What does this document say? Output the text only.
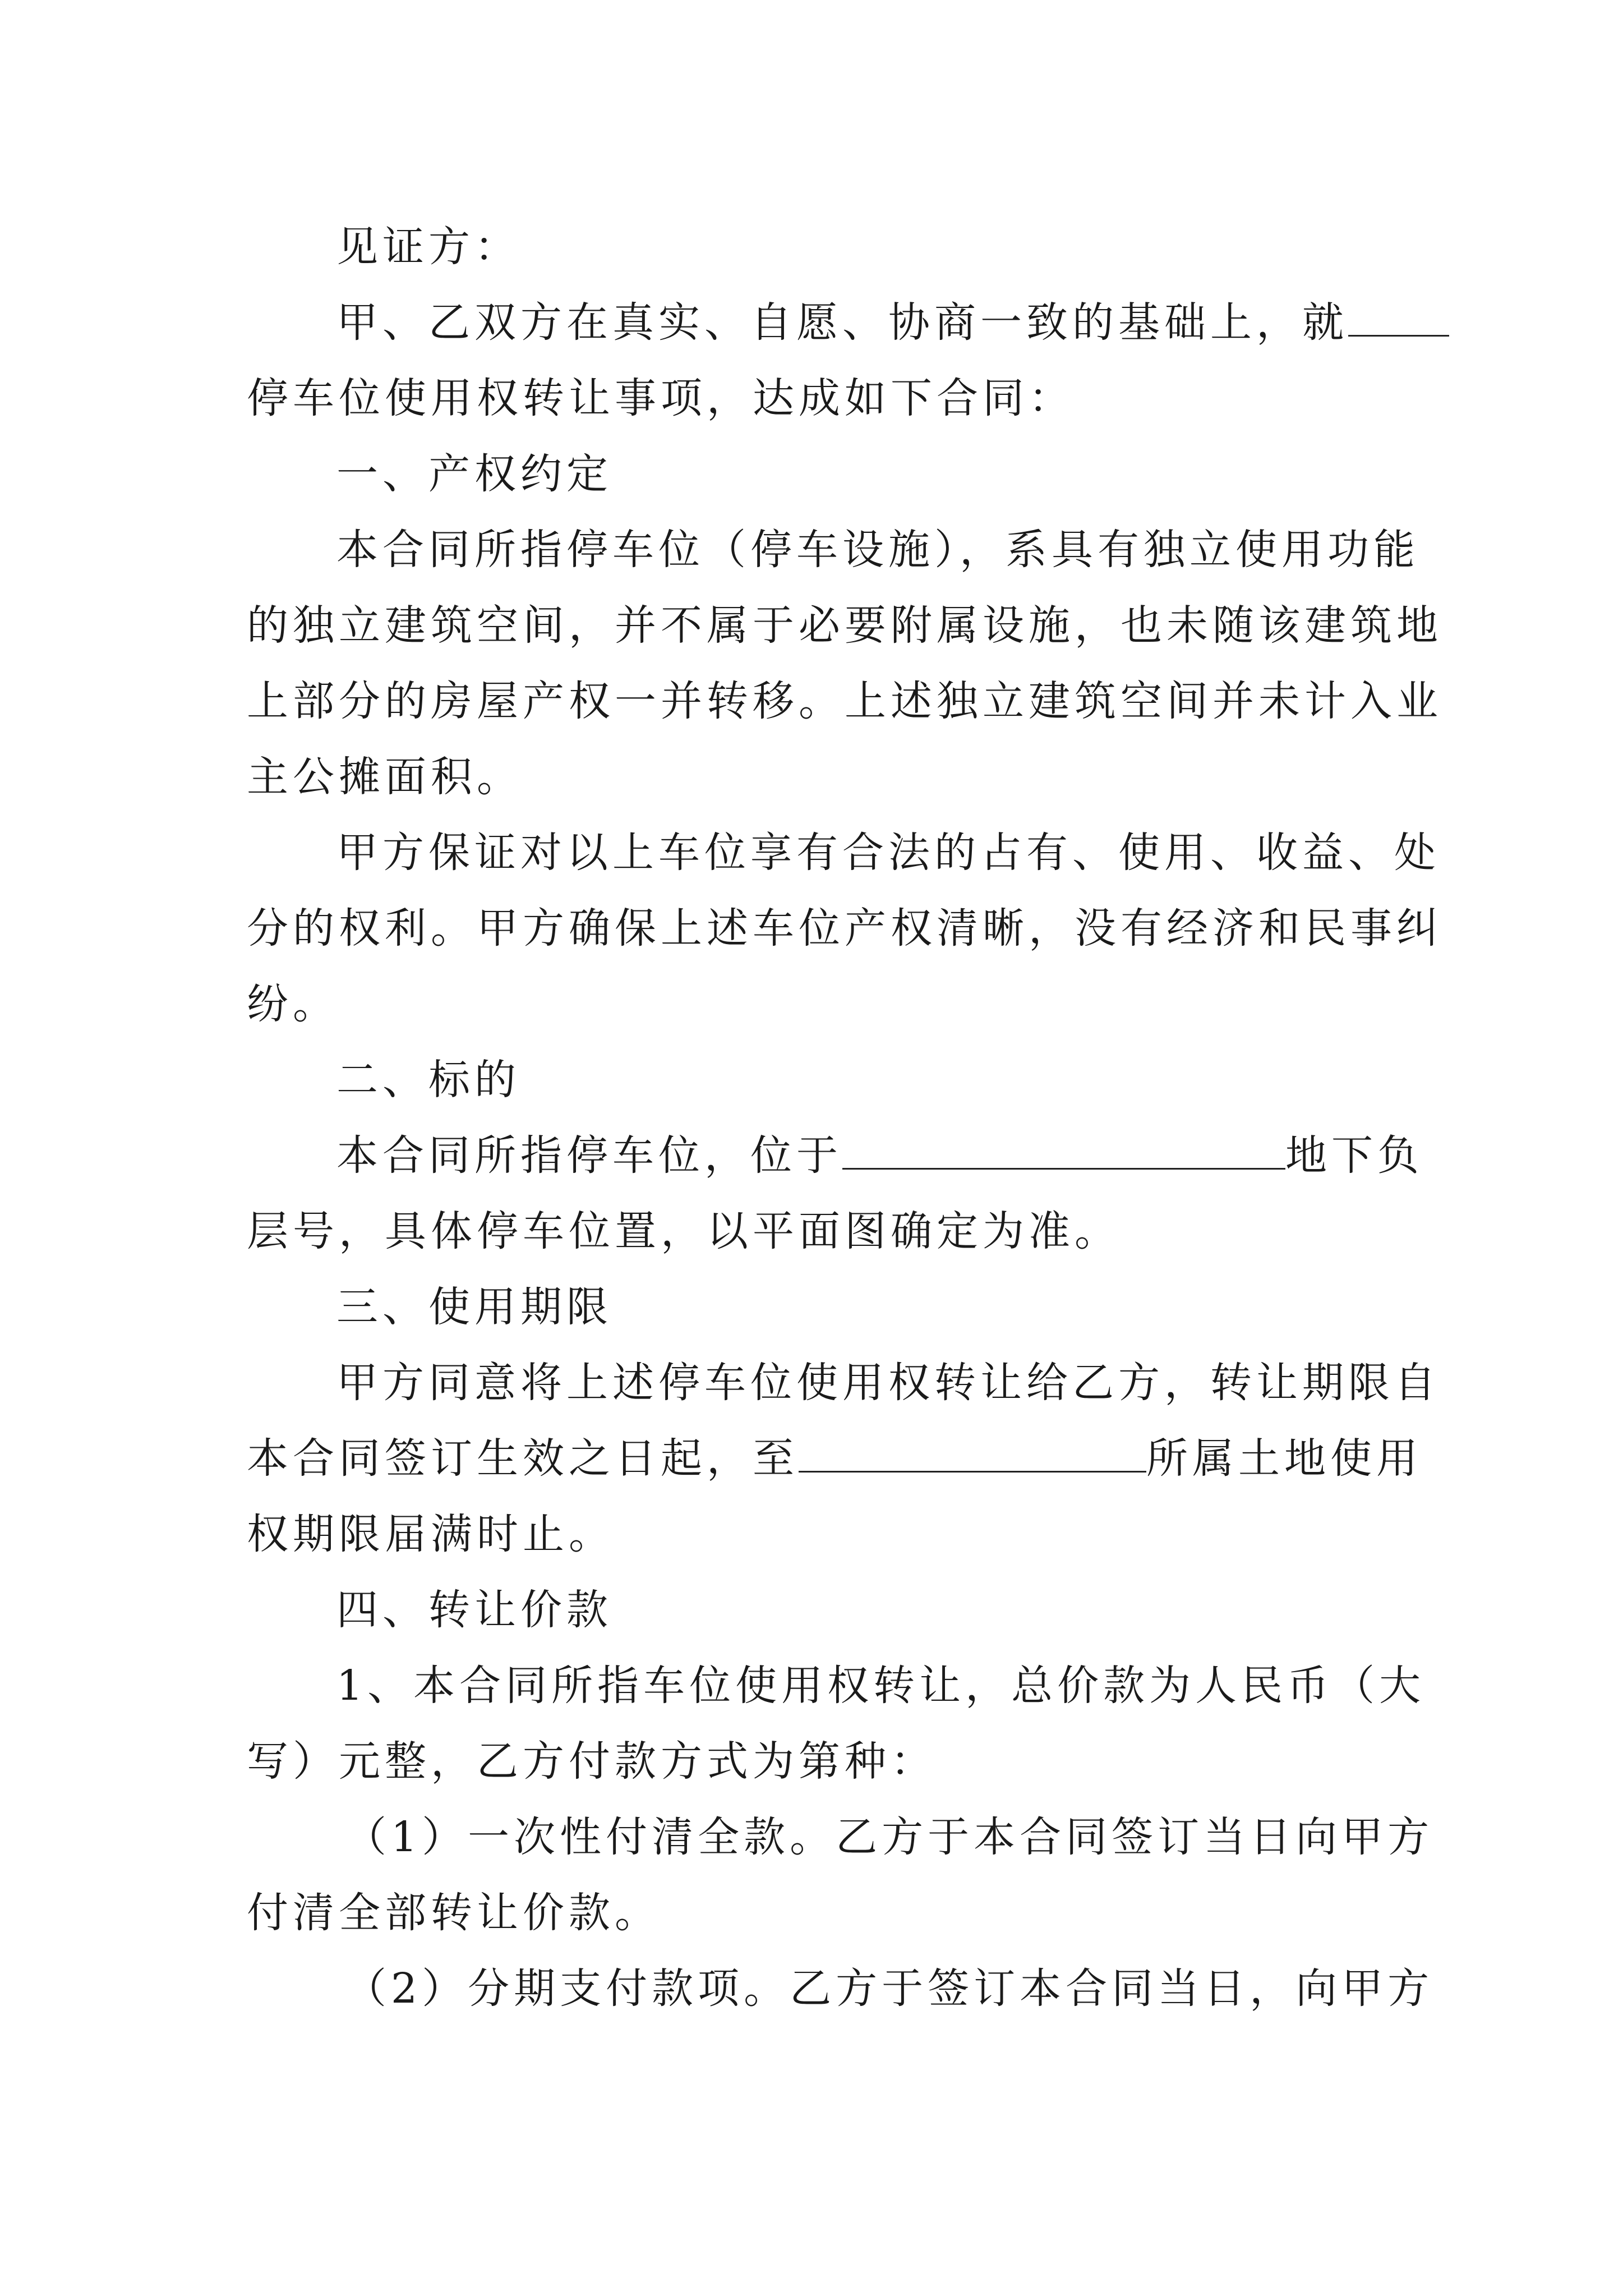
见证方：
甲、乙双方在真实、自愿、协商一致的基础上，就
停车位使用权转让事项，达成如下合同：
一、产权约定
本合同所指停车位（停车设施），系具有独立使用功能
的独立建筑空间，并不属于必要附属设施，也未随该建筑地
上部分的房屋产权一并转移。上述独立建筑空间并未计入业
主公摊面积。
甲方保证对以上车位享有合法的占有、使用、收益、处
分的权利。甲方确保上述车位产权清晰，没有经济和民事纠
纷。
二、标的
本合同所指停车位，位于	地下负
层号，具体停车位置，以平面图确定为准。
三、使用期限
甲方同意将上述停车位使用权转让给乙方，转让期限自
本合同签订生效之日起，至	所属土地使用
权期限届满时止。
四、转让价款
1、本合同所指车位使用权转让，总价款为人民币（大
写）元整，乙方付款方式为第种：
（1）一次性付清全款。乙方于本合同签订当日向甲方
付清全部转让价款。
（2）分期支付款项。乙方于签订本合同当日，向甲方
